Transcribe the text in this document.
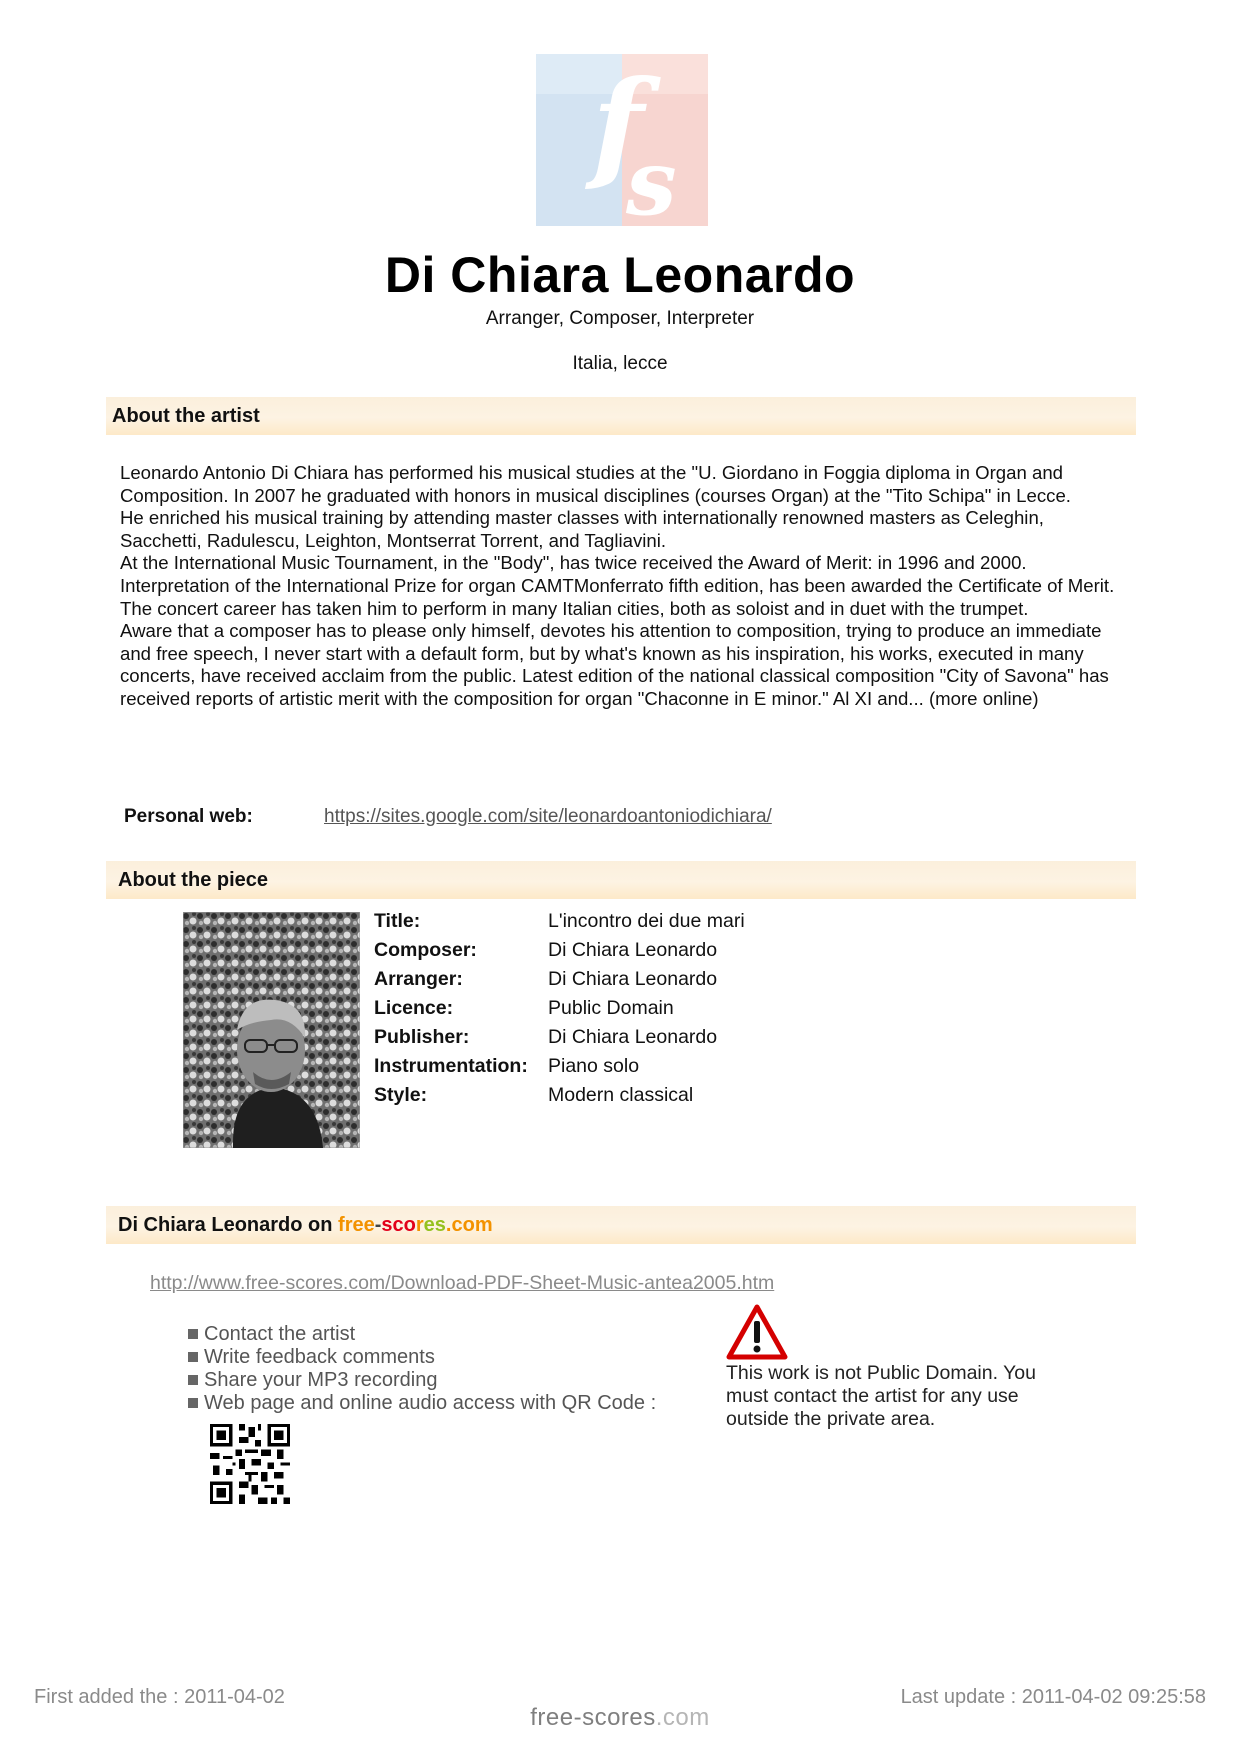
f
s
Di Chiara Leonardo
Arranger, Composer, Interpreter
Italia, lecce
About the artist

Leonardo Antonio Di Chiara has performed his musical studies at the "U. Giordano in Foggia diploma in Organ and Composition. In 2007 he graduated with honors in musical disciplines (courses Organ) at the "Tito Schipa" in Lecce.

He enriched his musical training by attending master classes with internationally renowned masters as Celeghin, Sacchetti, Radulescu, Leighton, Montserrat Torrent, and Tagliavini.

At the International Music Tournament, in the "Body", has twice received the Award of Merit: in 1996 and 2000. Interpretation of the International Prize for organ CAMTMonferrato fifth edition, has been awarded the Certificate of Merit.

The concert career has taken him to perform in many Italian cities, both as soloist and in duet with the trumpet.

Aware that a composer has to please only himself, devotes his attention to composition, trying to produce an immediate and free speech, I never start with a default form, but by what's known as his inspiration, his works, executed in many concerts, have received acclaim from the public. Latest edition of the national classical composition "City of Savona" has received reports of artistic merit with the composition for organ "Chaconne in E minor." Al XI and... (more online)

Personal web:	https://sites.google.com/site/leonardoantoniodichiara/
About the piece
Title:	L'incontro dei due mari
Composer:	Di Chiara Leonardo
Arranger:	Di Chiara Leonardo
Licence:	Public Domain
Publisher:	Di Chiara Leonardo
Instrumentation: Piano solo
Style:	Modern classical
Di Chiara Leonardo on free-scores.com
http://www.free-scores.com/Download-PDF-Sheet-Music-antea2005.htm
Contact the artist
Write feedback comments
Share your MP3 recording
Web page and online audio access with QR Code :
This work is not Public Domain. You must contact the artist for any use outside the private area.
First added the : 2011-04-02	Last update : 2011-04-02 09:25:58
free-scores.com
